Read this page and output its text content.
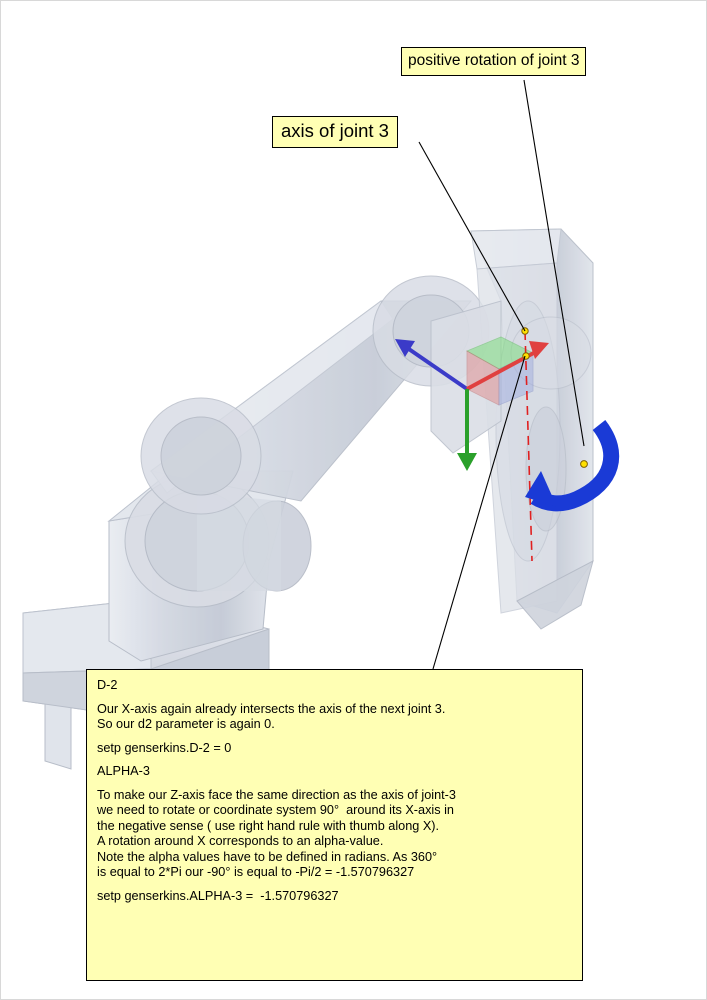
positive rotation of joint 3
axis of joint 3
D-2
Our X-axis again already intersects the axis of the next joint 3.
So our d2 parameter is again 0.
setp genserkins.D-2 = 0
ALPHA-3
To make our Z-axis face the same direction as the axis of joint-3
we need to rotate or coordinate system 90°  around its X-axis in
the negative sense ( use right hand rule with thumb along X).
A rotation around X corresponds to an alpha-value.
Note the alpha values have to be defined in radians. As 360°
is equal to 2*Pi our -90° is equal to -Pi/2 = -1.570796327
setp genserkins.ALPHA-3 =  -1.570796327
